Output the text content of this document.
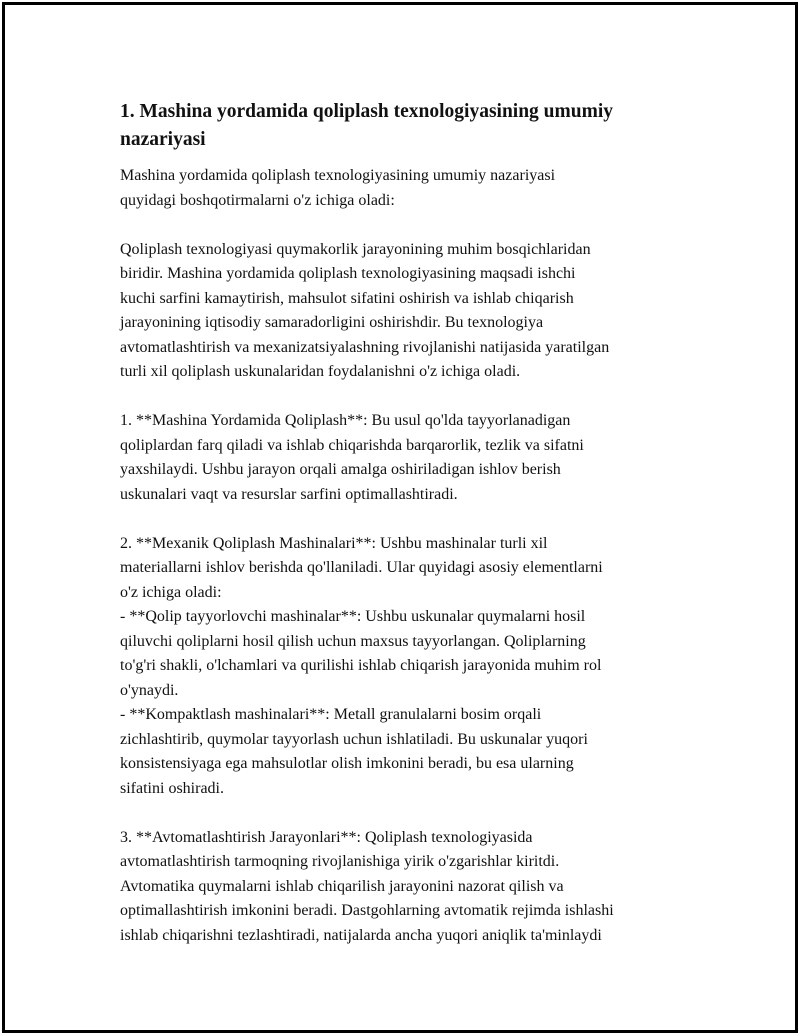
1. Mashina yordamida qoliplash texnologiyasining umumiy nazariyasi

Mashina yordamida qoliplash texnologiyasining umumiy nazariyasi
quyidagi boshqotirmalarni o'z ichiga oladi:

Qoliplash texnologiyasi quymakorlik jarayonining muhim bosqichlaridan
biridir. Mashina yordamida qoliplash texnologiyasining maqsadi ishchi
kuchi sarfini kamaytirish, mahsulot sifatini oshirish va ishlab chiqarish
jarayonining iqtisodiy samaradorligini oshirishdir. Bu texnologiya
avtomatlashtirish va mexanizatsiyalashning rivojlanishi natijasida yaratilgan
turli xil qoliplash uskunalaridan foydalanishni o'z ichiga oladi.

1. **Mashina Yordamida Qoliplash**: Bu usul qo'lda tayyorlanadigan
qoliplardan farq qiladi va ishlab chiqarishda barqarorlik, tezlik va sifatni
yaxshilaydi. Ushbu jarayon orqali amalga oshiriladigan ishlov berish
uskunalari vaqt va resurslar sarfini optimallashtiradi.

2. **Mexanik Qoliplash Mashinalari**: Ushbu mashinalar turli xil
materiallarni ishlov berishda qo'llaniladi. Ular quyidagi asosiy elementlarni
o'z ichiga oladi:
- **Qolip tayyorlovchi mashinalar**: Ushbu uskunalar quymalarni hosil
qiluvchi qoliplarni hosil qilish uchun maxsus tayyorlangan. Qoliplarning
to'g'ri shakli, o'lchamlari va qurilishi ishlab chiqarish jarayonida muhim rol
o'ynaydi.
- **Kompaktlash mashinalari**: Metall granulalarni bosim orqali
zichlashtirib, quymolar tayyorlash uchun ishlatiladi. Bu uskunalar yuqori
konsistensiyaga ega mahsulotlar olish imkonini beradi, bu esa ularning
sifatini oshiradi.

3. **Avtomatlashtirish Jarayonlari**: Qoliplash texnologiyasida
avtomatlashtirish tarmoqning rivojlanishiga yirik o'zgarishlar kiritdi.
Avtomatika quymalarni ishlab chiqarilish jarayonini nazorat qilish va
optimallashtirish imkonini beradi. Dastgohlarning avtomatik rejimda ishlashi
ishlab chiqarishni tezlashtiradi, natijalarda ancha yuqori aniqlik ta'minlaydi
